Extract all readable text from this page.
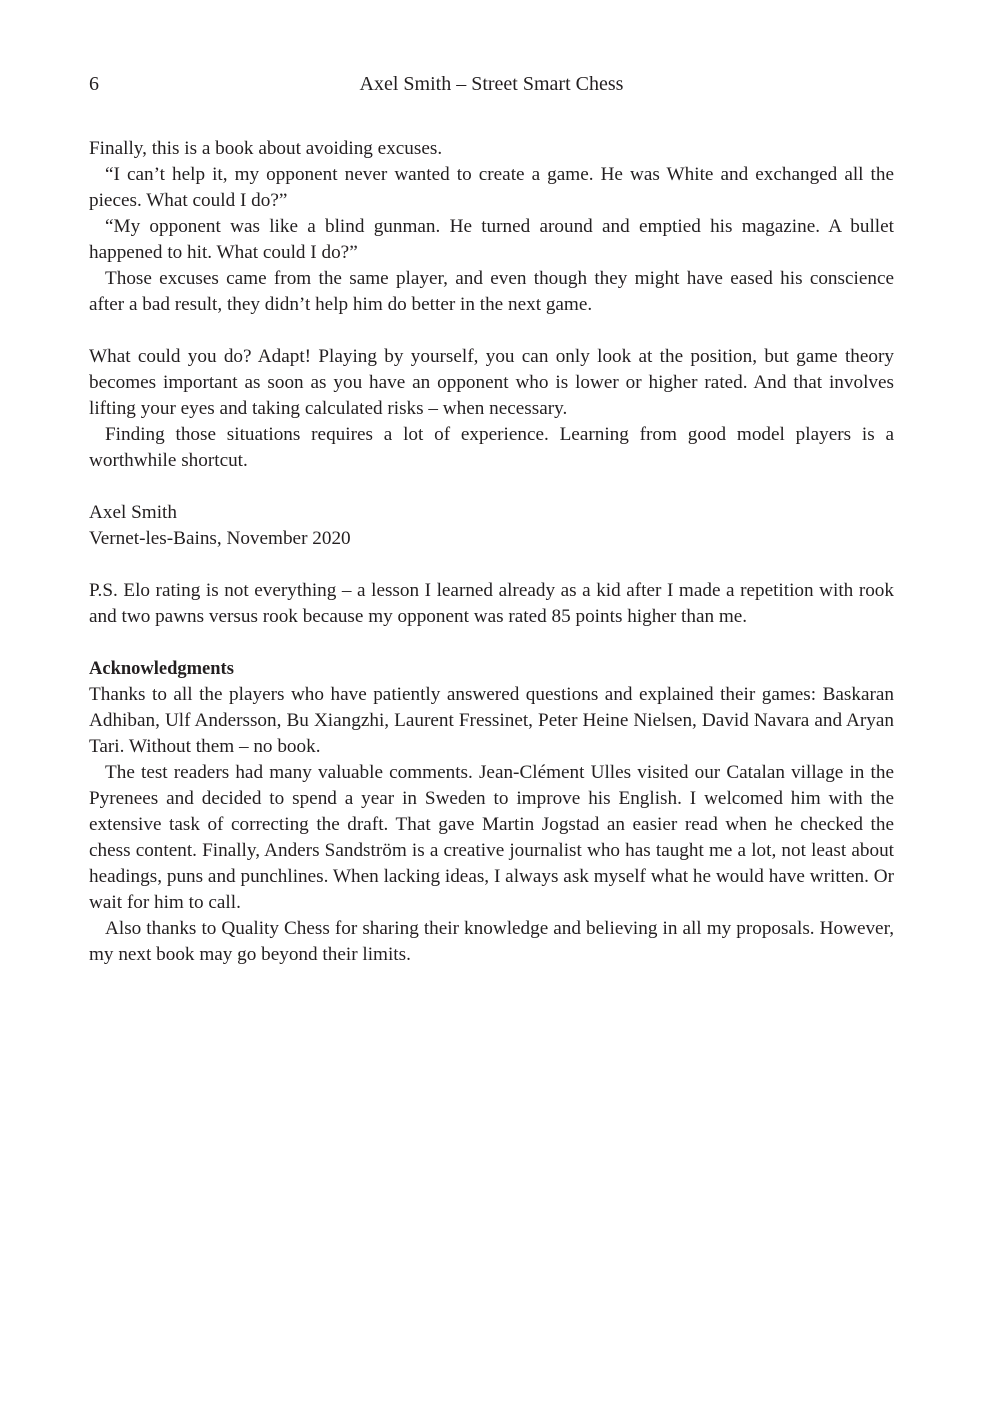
6	Axel Smith – Street Smart Chess

Finally, this is a book about avoiding excuses.

“I can’t help it, my opponent never wanted to create a game. He was White and exchanged all the pieces. What could I do?”

“My opponent was like a blind gunman. He turned around and emptied his magazine. A bullet happened to hit. What could I do?”

Those excuses came from the same player, and even though they might have eased his conscience after a bad result, they didn’t help him do better in the next game.

What could you do? Adapt! Playing by yourself, you can only look at the position, but game theory becomes important as soon as you have an opponent who is lower or higher rated. And that involves lifting your eyes and taking calculated risks – when necessary.

Finding those situations requires a lot of experience. Learning from good model players is a worthwhile shortcut.

Axel Smith

Vernet-les-Bains, November 2020

P.S. Elo rating is not everything – a lesson I learned already as a kid after I made a repetition with rook and two pawns versus rook because my opponent was rated 85 points higher than me.

Acknowledgments

Thanks to all the players who have patiently answered questions and explained their games: Baskaran Adhiban, Ulf Andersson, Bu Xiangzhi, Laurent Fressinet, Peter Heine Nielsen, David Navara and Aryan Tari. Without them – no book.

The test readers had many valuable comments. Jean-Clément Ulles visited our Catalan village in the Pyrenees and decided to spend a year in Sweden to improve his English. I welcomed him with the extensive task of correcting the draft. That gave Martin Jogstad an easier read when he checked the chess content. Finally, Anders Sandström is a creative journalist who has taught me a lot, not least about headings, puns and punchlines. When lacking ideas, I always ask myself what he would have written. Or wait for him to call.

Also thanks to Quality Chess for sharing their knowledge and believing in all my proposals. However, my next book may go beyond their limits.
